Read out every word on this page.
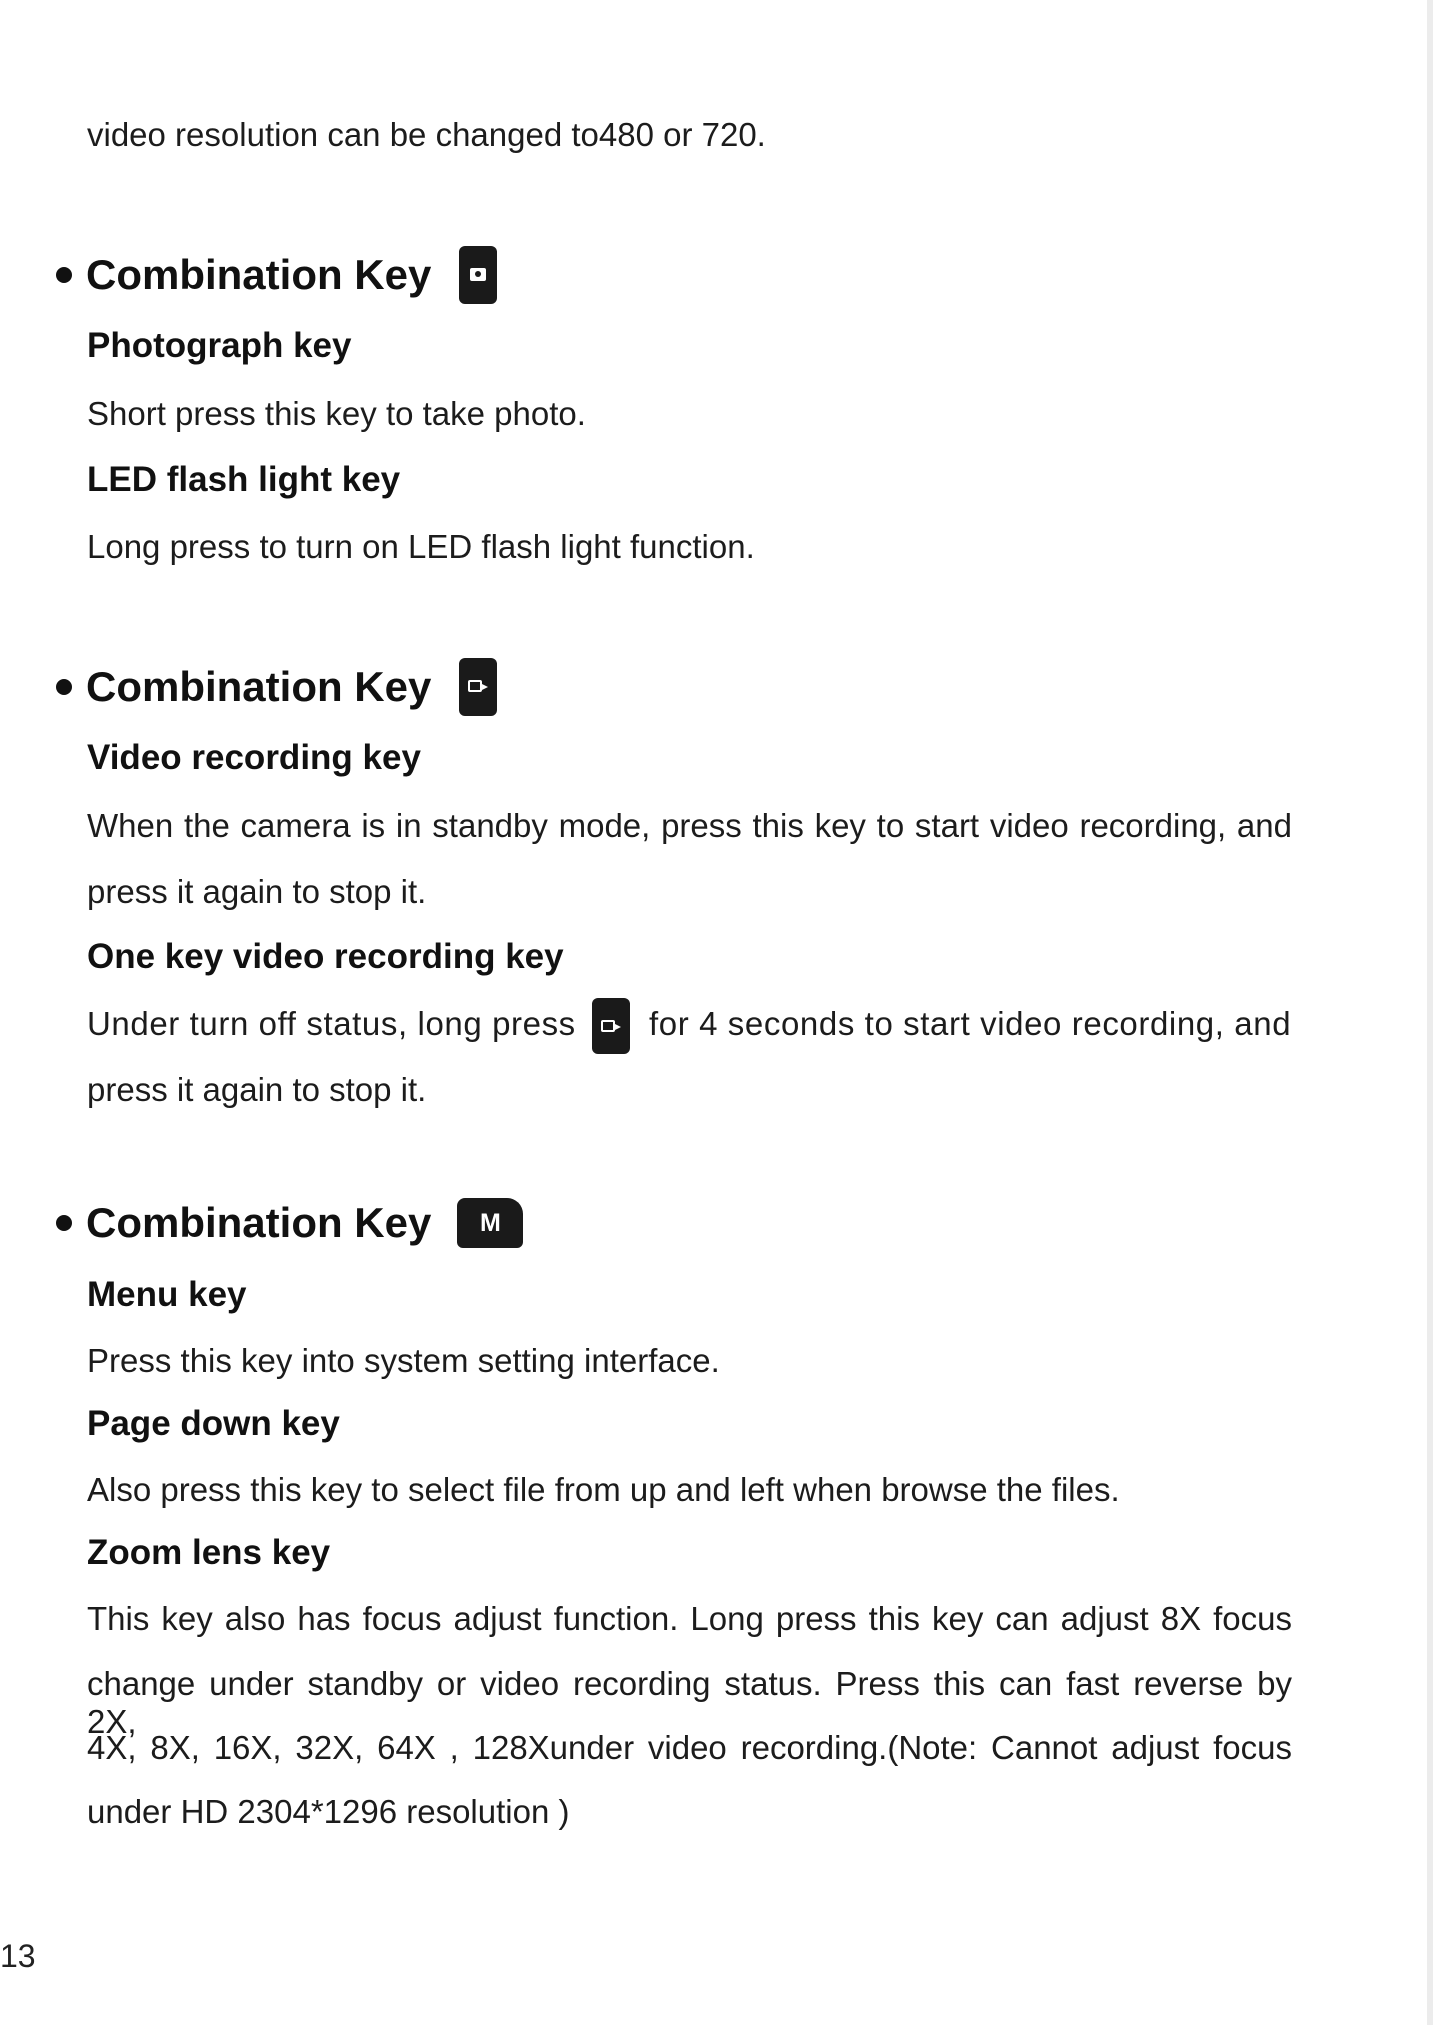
video resolution can be changed to480 or 720.
Combination Key
Photograph key
Short press this key to take photo.
LED flash light key
Long press to turn on LED flash light function.
Combination Key
Video recording key
When the camera is in standby mode, press this key to start video recording, and
press it again to stop it.
One key video recording key
Under turn off status, long press for 4 seconds to start video recording, and
press it again to stop it.
Combination Key	M
Menu key
Press this key into system setting interface.
Page down key
Also press this key to select file from up and left when browse the files.
Zoom lens key
This key also has focus adjust function. Long press this key can adjust 8X focus
change under standby or video recording status. Press this can fast reverse by 2X,
4X, 8X, 16X, 32X, 64X , 128Xunder video recording.(Note: Cannot adjust focus
under HD 2304*1296 resolution )
13
